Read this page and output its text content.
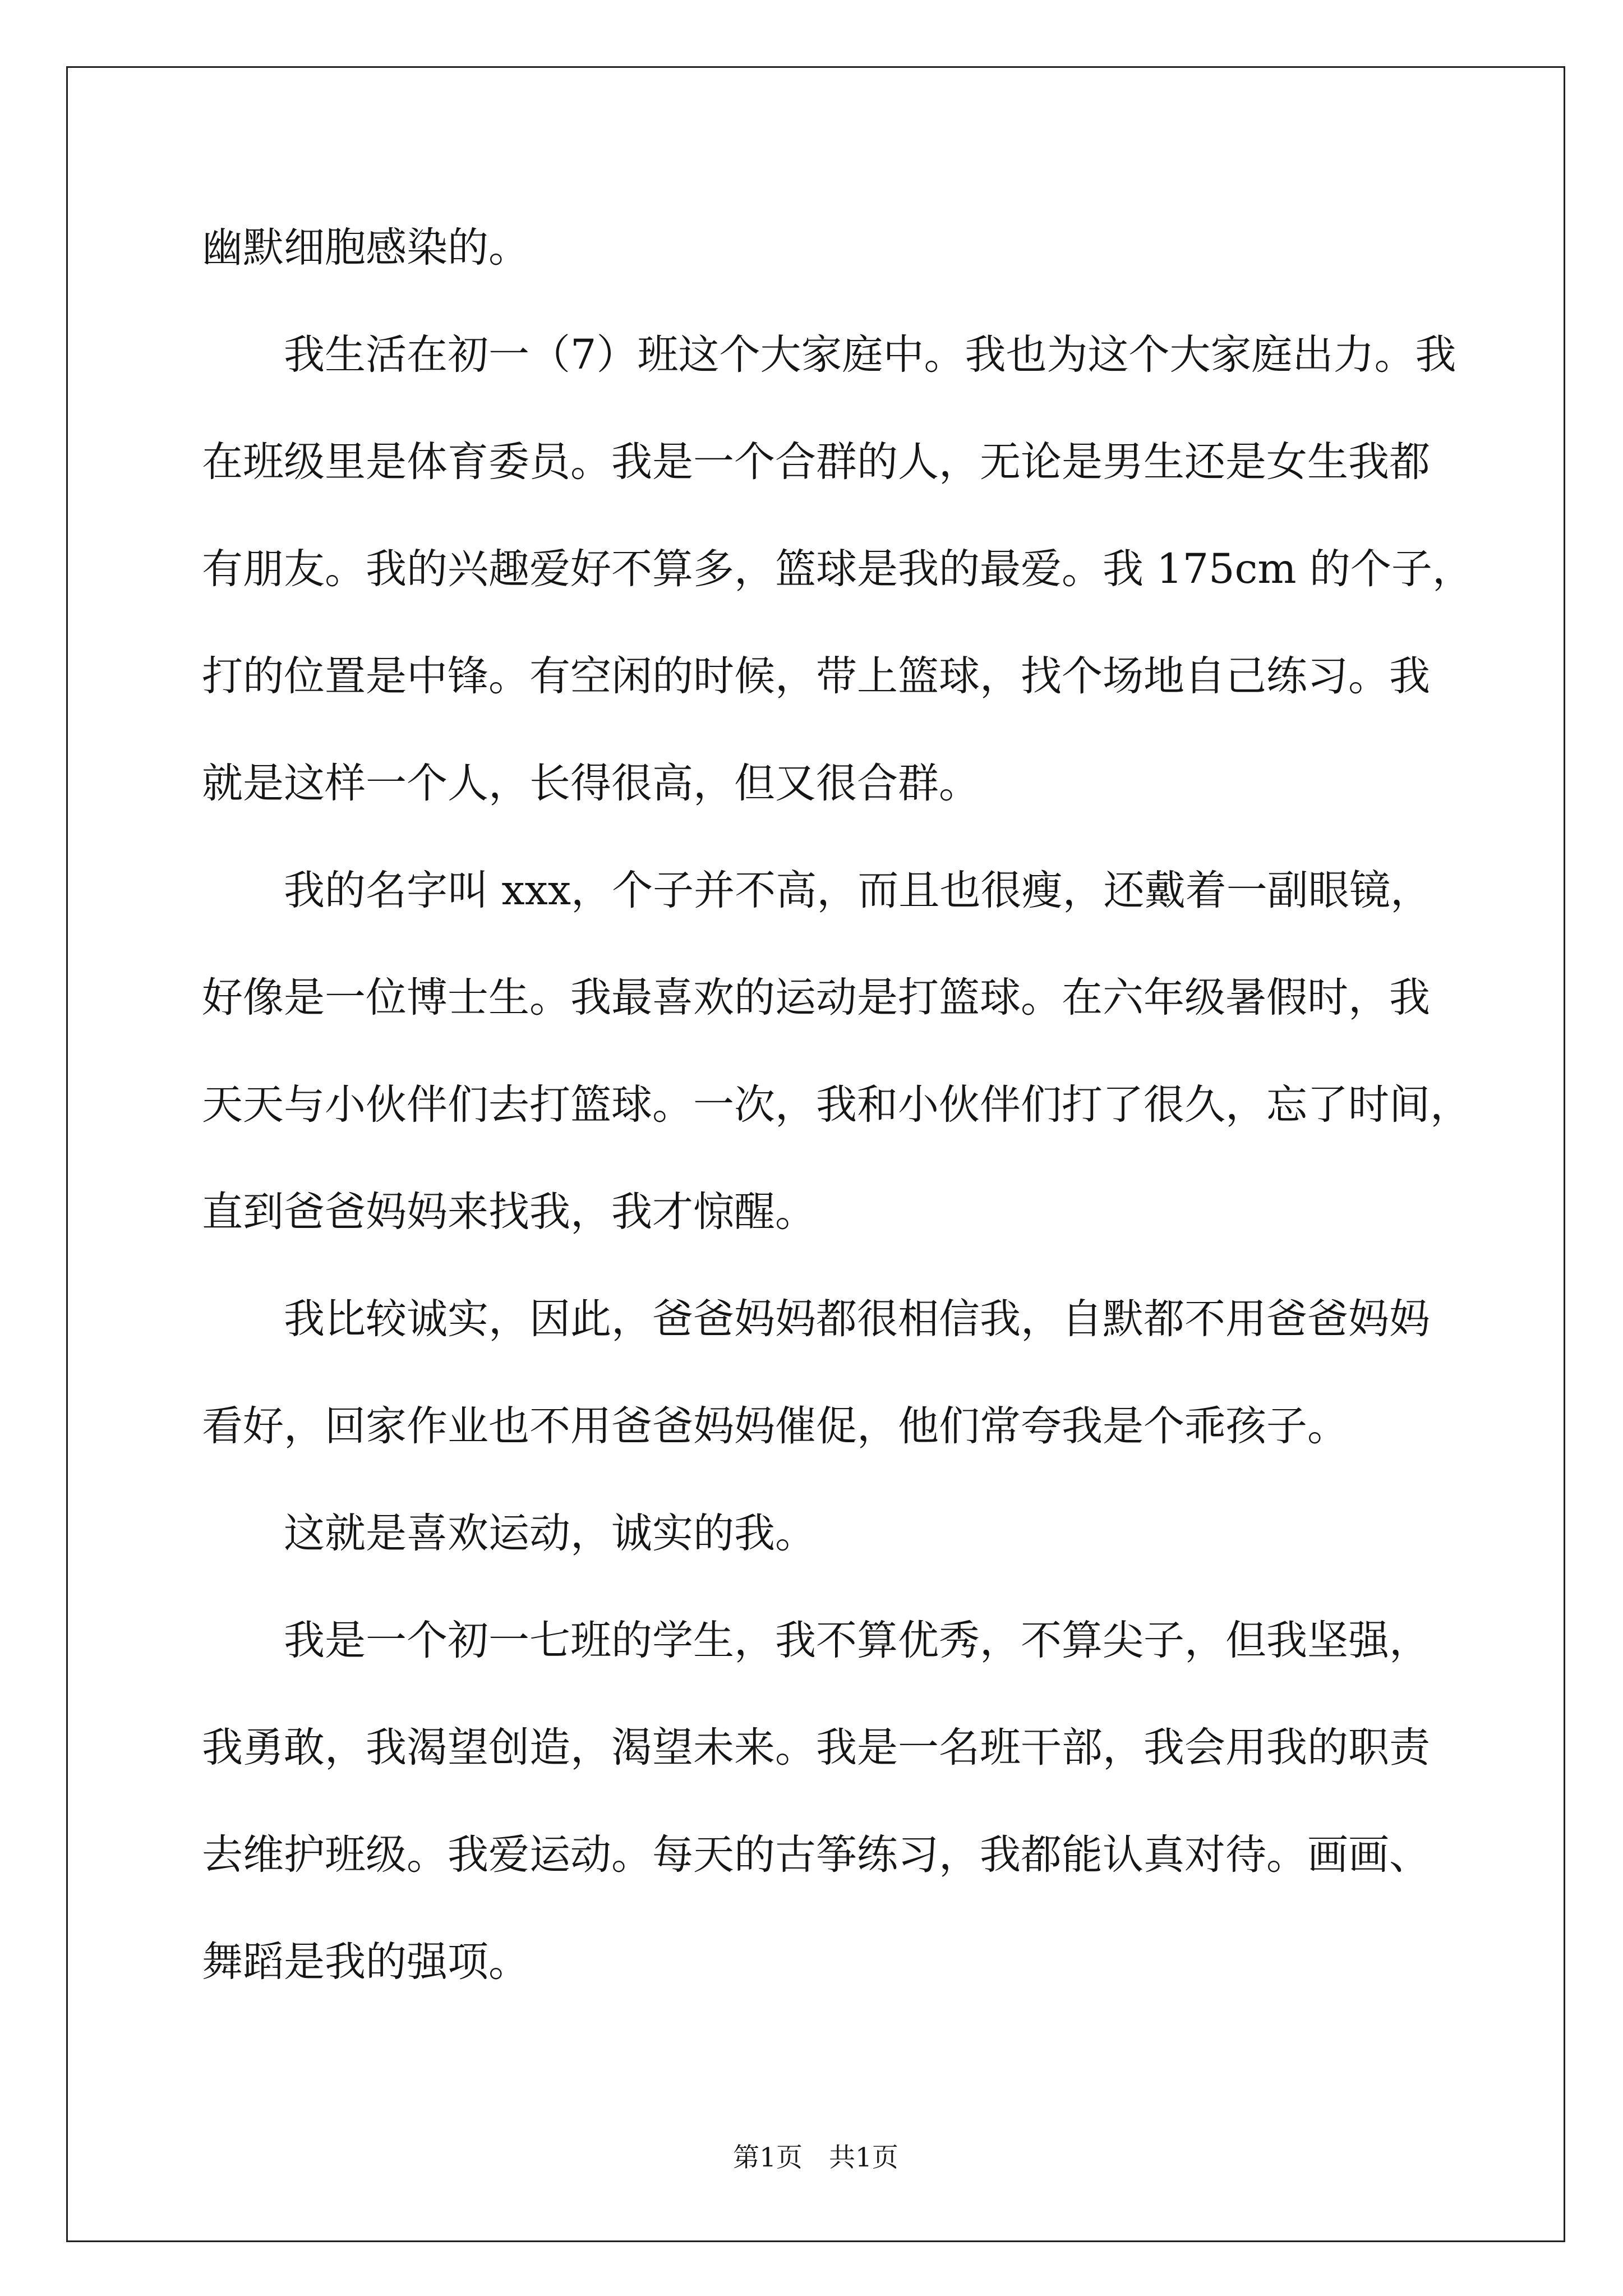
幽默细胞感染的。
我生活在初一（7）班这个大家庭中。我也为这个大家庭出力。我
在班级里是体育委员。我是一个合群的人，无论是男生还是女生我都
有朋友。我的兴趣爱好不算多，篮球是我的最爱。我 175cm 的个子，
打的位置是中锋。有空闲的时候，带上篮球，找个场地自己练习。我
就是这样一个人，长得很高，但又很合群。
我的名字叫 xxx，个子并不高，而且也很瘦，还戴着一副眼镜，
好像是一位博士生。我最喜欢的运动是打篮球。在六年级暑假时，我
天天与小伙伴们去打篮球。一次，我和小伙伴们打了很久，忘了时间，
直到爸爸妈妈来找我，我才惊醒。
我比较诚实，因此，爸爸妈妈都很相信我，自默都不用爸爸妈妈
看好，回家作业也不用爸爸妈妈催促，他们常夸我是个乖孩子。
这就是喜欢运动，诚实的我。
我是一个初一七班的学生，我不算优秀，不算尖子，但我坚强，
我勇敢，我渴望创造，渴望未来。我是一名班干部，我会用我的职责
去维护班级。我爱运动。每天的古筝练习，我都能认真对待。画画、
舞蹈是我的强项。
第1页　共1页
